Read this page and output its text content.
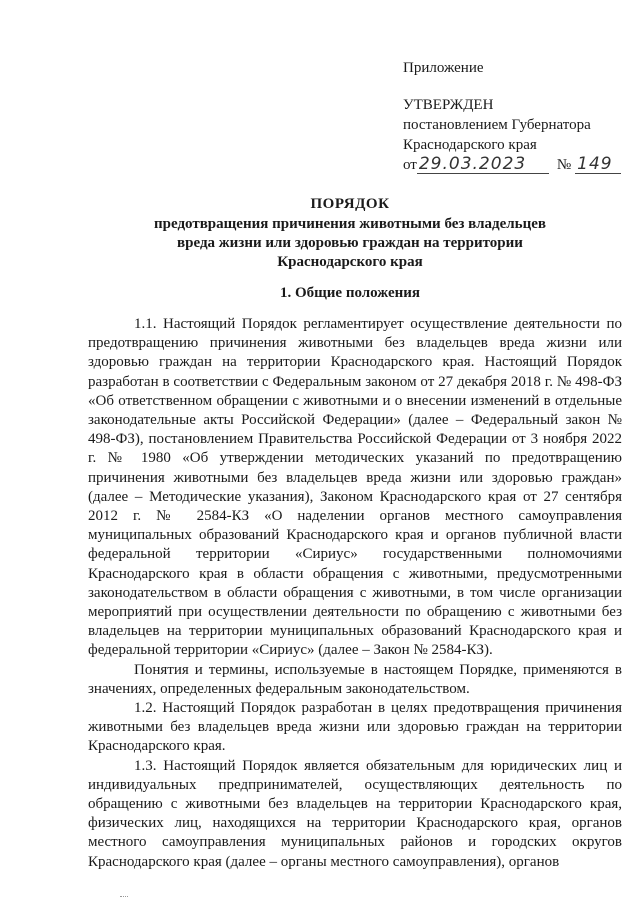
Приложение
УТВЕРЖДЕН
постановлением Губернатора
Краснодарского края
от 29.03.2023 № 149
ПОРЯДОК
предотвращения причинения животными без владельцев
вреда жизни или здоровью граждан на территории
Краснодарского края
1. Общие положения

1.1. Настоящий Порядок регламентирует осуществление деятельности по предотвращению причинения животными без владельцев вреда жизни или здоровью граждан на территории Краснодарского края. Настоящий Порядок разработан в соответствии с Федеральным законом от 27 декабря 2018 г. № 498-ФЗ «Об ответственном обращении с животными и о внесении изменений в отдельные законодательные акты Российской Федерации» (далее – Федеральный закон № 498-ФЗ), постановлением Правительства Российской Федерации от 3 ноября 2022 г. № 1980 «Об утверждении методических указаний по предотвращению причинения животными без владельцев вреда жизни или здоровью граждан» (далее – Методические указания), Законом Краснодарского края от 27 сентября 2012 г. № 2584-КЗ «О наделении органов местного самоуправления муниципальных образований Краснодарского края и органов публичной власти федеральной территории «Сириус» государственными полномочиями Краснодарского края в области обращения с животными, предусмотренными законодательством в области обращения с животными, в том числе организации мероприятий при осуществлении деятельности по обращению с животными без владельцев на территории муниципальных образований Краснодарского края и федеральной территории «Сириус» (далее – Закон № 2584-КЗ).

Понятия и термины, используемые в настоящем Порядке, применяются в значениях, определенных федеральным законодательством.

1.2. Настоящий Порядок разработан в целях предотвращения причинения животными без владельцев вреда жизни или здоровью граждан на территории Краснодарского края.

1.3. Настоящий Порядок является обязательным для юридических лиц и индивидуальных предпринимателей, осуществляющих деятельность по обращению с животными без владельцев на территории Краснодарского края, физических лиц, находящихся на территории Краснодарского края, органов местного самоуправления муниципальных районов и городских округов Краснодарского края (далее – органы местного самоуправления), органов
